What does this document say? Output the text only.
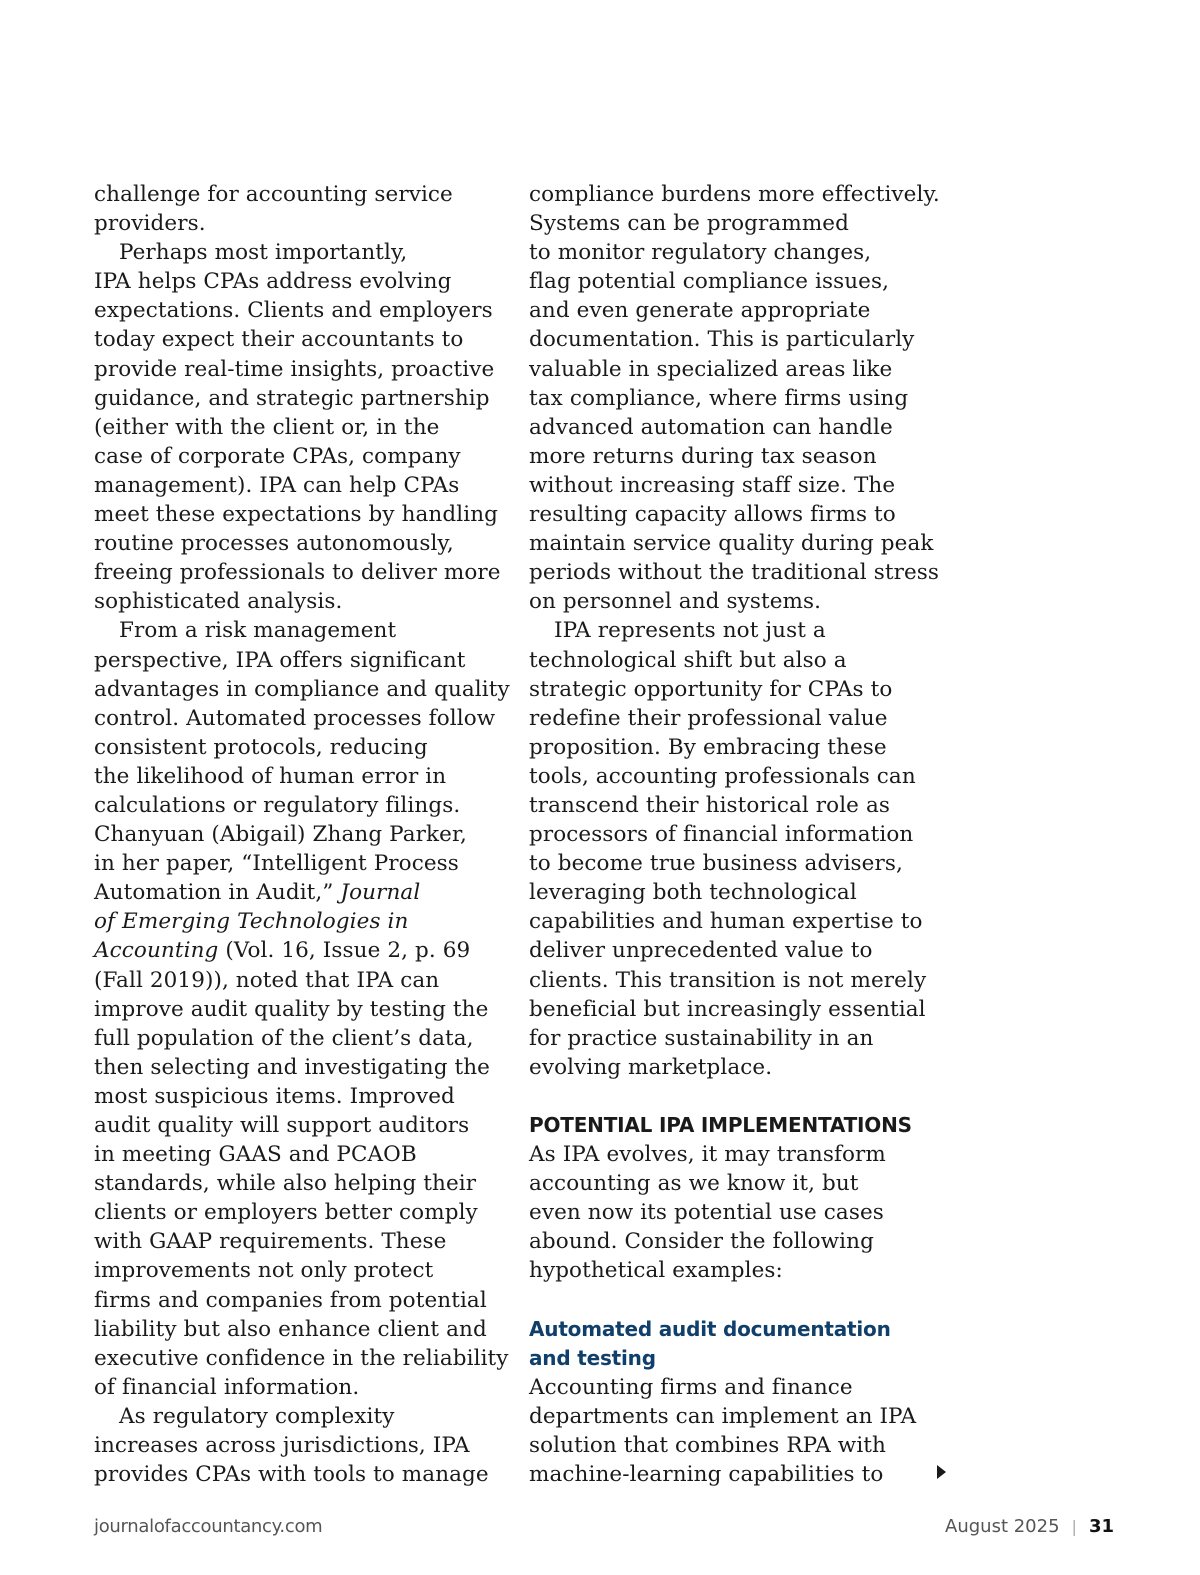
challenge for accounting service
providers.
Perhaps most importantly,
IPA helps CPAs address evolving
expectations. Clients and employers
today expect their accountants to
provide real-time insights, proactive
guidance, and strategic partnership
(either with the client or, in the
case of corporate CPAs, company
management). IPA can help CPAs
meet these expectations by handling
routine processes autonomously,
freeing professionals to deliver more
sophisticated analysis.
From a risk management
perspective, IPA offers significant
advantages in compliance and quality
control. Automated processes follow
consistent protocols, reducing
the likelihood of human error in
calculations or regulatory filings.
Chanyuan (Abigail) Zhang Parker,
in her paper, “Intelligent Process
Automation in Audit,” Journal
of Emerging Technologies in
Accounting (Vol. 16, Issue 2, p. 69
(Fall 2019)), noted that IPA can
improve audit quality by testing the
full population of the client’s data,
then selecting and investigating the
most suspicious items. Improved
audit quality will support auditors
in meeting GAAS and PCAOB
standards, while also helping their
clients or employers better comply
with GAAP requirements. These
improvements not only protect
firms and companies from potential
liability but also enhance client and
executive confidence in the reliability
of financial information.
As regulatory complexity
increases across jurisdictions, IPA
provides CPAs with tools to manage
compliance burdens more effectively.
Systems can be programmed
to monitor regulatory changes,
flag potential compliance issues,
and even generate appropriate
documentation. This is particularly
valuable in specialized areas like
tax compliance, where firms using
advanced automation can handle
more returns during tax season
without increasing staff size. The
resulting capacity allows firms to
maintain service quality during peak
periods without the traditional stress
on personnel and systems.
IPA represents not just a
technological shift but also a
strategic opportunity for CPAs to
redefine their professional value
proposition. By embracing these
tools, accounting professionals can
transcend their historical role as
processors of financial information
to become true business advisers,
leveraging both technological
capabilities and human expertise to
deliver unprecedented value to
clients. This transition is not merely
beneficial but increasingly essential
for practice sustainability in an
evolving marketplace.
POTENTIAL IPA IMPLEMENTATIONS
As IPA evolves, it may transform
accounting as we know it, but
even now its potential use cases
abound. Consider the following
hypothetical examples:
Automated audit documentation
and testing
Accounting firms and finance
departments can implement an IPA
solution that combines RPA with
machine-learning capabilities to
journalofaccountancy.com	August 2025 | 31
